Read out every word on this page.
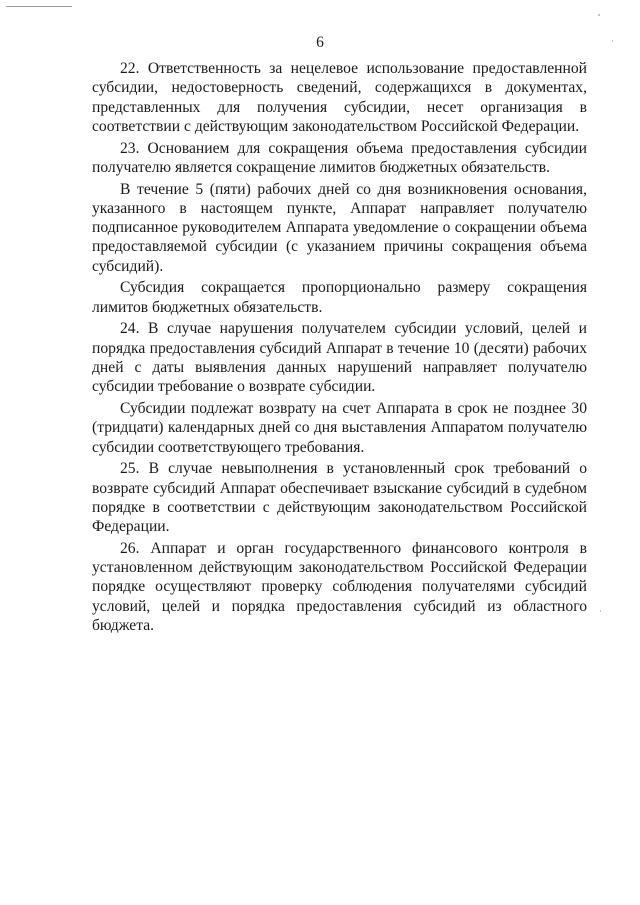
6

22. Ответственность за нецелевое использование предоставленной субсидии, недостоверность сведений, содержащихся в документах, представленных для получения субсидии, несет организация в соответствии с действующим законодательством Российской Федерации.

23. Основанием для сокращения объема предоставления субсидии получателю является сокращение лимитов бюджетных обязательств.

В течение 5 (пяти) рабочих дней со дня возникновения основания, указанного в настоящем пункте, Аппарат направляет получателю подписанное руководителем Аппарата уведомление о сокращении объема предоставляемой субсидии (с указанием причины сокращения объема субсидий).

Субсидия сокращается пропорционально размеру сокращения лимитов бюджетных обязательств.

24. В случае нарушения получателем субсидии условий, целей и порядка предоставления субсидий Аппарат в течение 10 (десяти) рабочих дней с даты выявления данных нарушений направляет получателю субсидии требование о возврате субсидии.

Субсидии подлежат возврату на счет Аппарата в срок не позднее 30 (тридцати) календарных дней со дня выставления Аппаратом получателю субсидии соответствующего требования.

25. В случае невыполнения в установленный срок требований о возврате субсидий Аппарат обеспечивает взыскание субсидий в судебном порядке в соответствии с действующим законодательством Российской Федерации.

26. Аппарат и орган государственного финансового контроля в установленном действующим законодательством Российской Федерации порядке осуществляют проверку соблюдения получателями субсидий условий, целей и порядка предоставления субсидий из областного бюджета.
